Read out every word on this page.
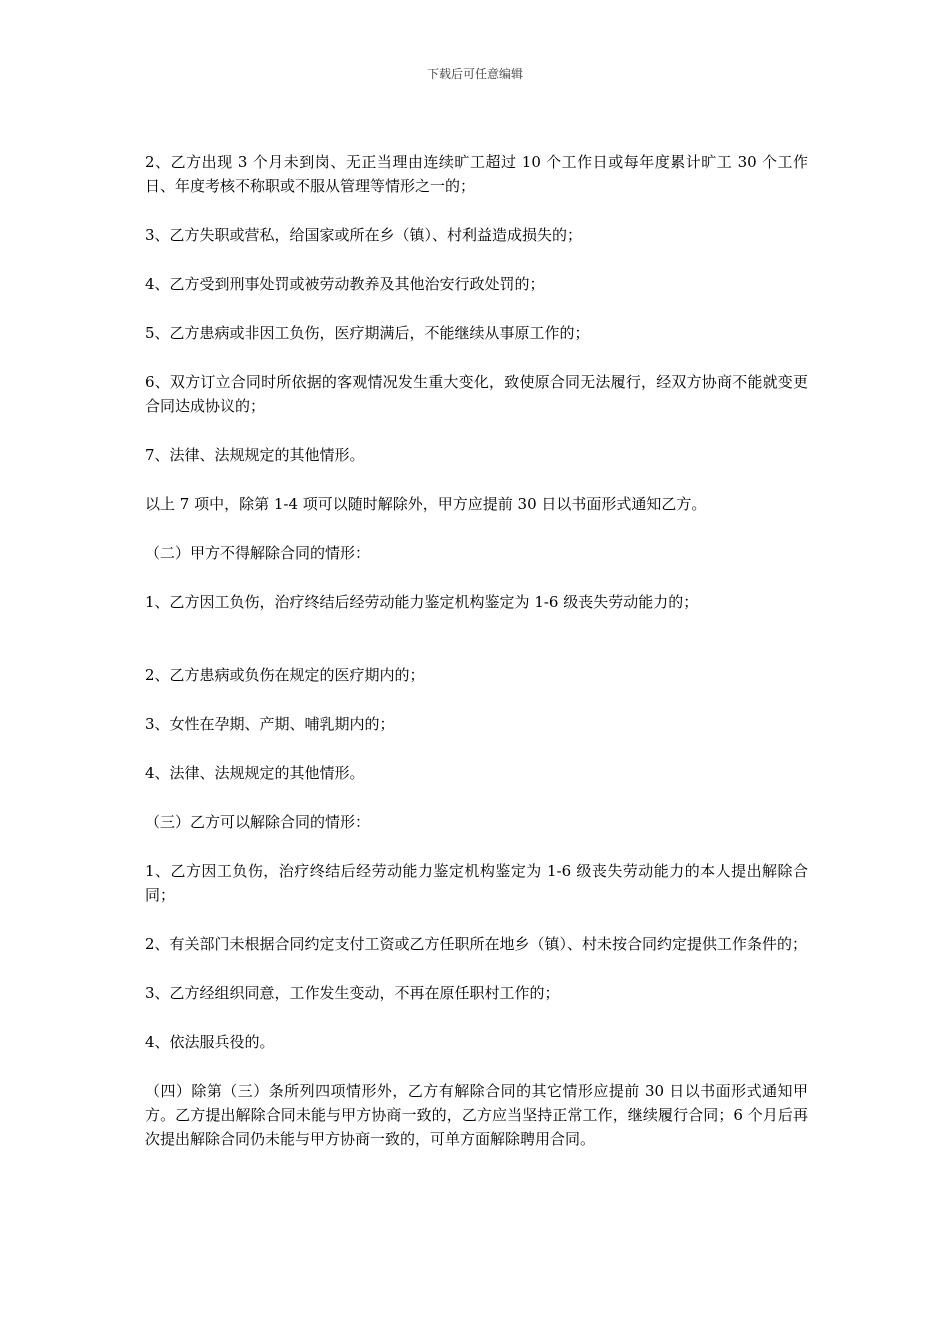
下载后可任意编辑

2、乙方出现 3 个月未到岗、无正当理由连续旷工超过 10 个工作日或每年度累计旷工 30 个工作日、年度考核不称职或不服从管理等情形之一的；

3、乙方失职或营私，给国家或所在乡（镇）、村利益造成损失的；

4、乙方受到刑事处罚或被劳动教养及其他治安行政处罚的；

5、乙方患病或非因工负伤，医疗期满后，不能继续从事原工作的；

6、双方订立合同时所依据的客观情况发生重大变化，致使原合同无法履行，经双方协商不能就变更合同达成协议的；

7、法律、法规规定的其他情形。

以上 7 项中，除第 1-4 项可以随时解除外，甲方应提前 30 日以书面形式通知乙方。

（二）甲方不得解除合同的情形：

1、乙方因工负伤，治疗终结后经劳动能力鉴定机构鉴定为 1-6 级丧失劳动能力的；

2、乙方患病或负伤在规定的医疗期内的；

3、女性在孕期、产期、哺乳期内的；

4、法律、法规规定的其他情形。

（三）乙方可以解除合同的情形：

1、乙方因工负伤，治疗终结后经劳动能力鉴定机构鉴定为 1-6 级丧失劳动能力的本人提出解除合同；

2、有关部门未根据合同约定支付工资或乙方任职所在地乡（镇）、村未按合同约定提供工作条件的；

3、乙方经组织同意，工作发生变动，不再在原任职村工作的；

4、依法服兵役的。

（四）除第（三）条所列四项情形外，乙方有解除合同的其它情形应提前 30 日以书面形式通知甲方。乙方提出解除合同未能与甲方协商一致的，乙方应当坚持正常工作，继续履行合同；6 个月后再次提出解除合同仍未能与甲方协商一致的，可单方面解除聘用合同。
